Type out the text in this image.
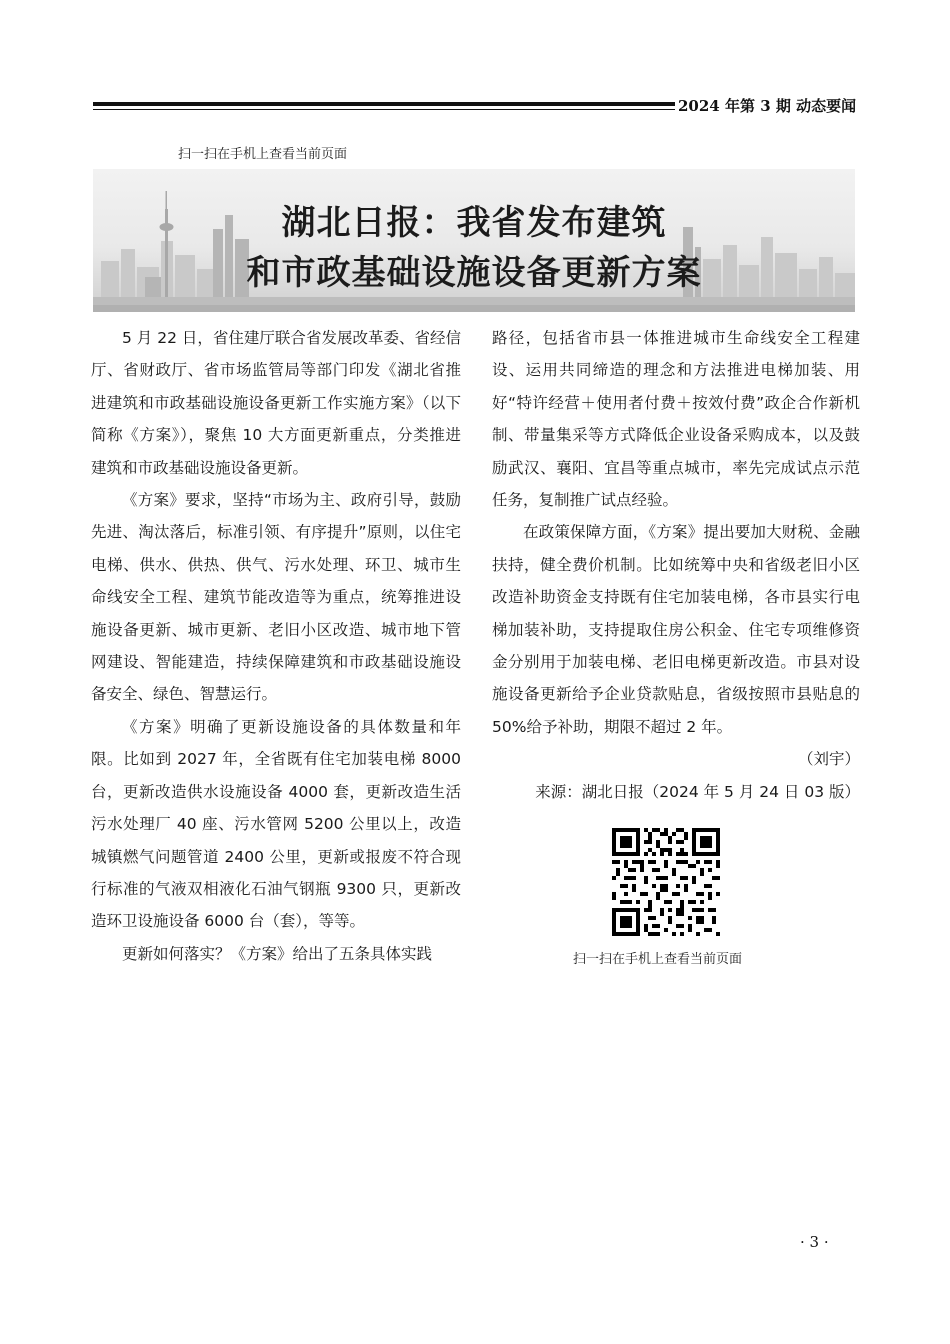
2024 年第 3 期 动态要闻
扫一扫在手机上查看当前页面
湖北日报：我省发布建筑
和市政基础设施设备更新方案

5 月 22 日，省住建厅联合省发展改革委、省经信厅、省财政厅、省市场监管局等部门印发《湖北省推进建筑和市政基础设施设备更新工作实施方案》（以下简称《方案》），聚焦 10 大方面更新重点，分类推进建筑和市政基础设施设备更新。

《方案》要求，坚持“市场为主、政府引导，鼓励先进、淘汰落后，标准引领、有序提升”原则，以住宅电梯、供水、供热、供气、污水处理、环卫、城市生命线安全工程、建筑节能改造等为重点，统筹推进设施设备更新、城市更新、老旧小区改造、城市地下管网建设、智能建造，持续保障建筑和市政基础设施设备安全、绿色、智慧运行。

《方案》明确了更新设施设备的具体数量和年限。比如到 2027 年，全省既有住宅加装电梯 8000 台，更新改造供水设施设备 4000 套，更新改造生活污水处理厂 40 座、污水管网 5200 公里以上，改造城镇燃气问题管道 2400 公里，更新或报废不符合现行标准的气液双相液化石油气钢瓶 9300 只，更新改造环卫设施设备 6000 台（套），等等。

更新如何落实？《方案》给出了五条具体实践

路径，包括省市县一体推进城市生命线安全工程建设、运用共同缔造的理念和方法推进电梯加装、用好“特许经营＋使用者付费＋按效付费”政企合作新机制、带量集采等方式降低企业设备采购成本，以及鼓励武汉、襄阳、宜昌等重点城市，率先完成试点示范任务，复制推广试点经验。

在政策保障方面，《方案》提出要加大财税、金融扶持，健全费价机制。比如统筹中央和省级老旧小区改造补助资金支持既有住宅加装电梯，各市县实行电梯加装补助，支持提取住房公积金、住宅专项维修资金分别用于加装电梯、老旧电梯更新改造。市县对设施设备更新给予企业贷款贴息，省级按照市县贴息的 50%给予补助，期限不超过 2 年。

（刘宇）

来源：湖北日报（2024 年 5 月 24 日 03 版）

扫一扫在手机上查看当前页面
· 3 ·
